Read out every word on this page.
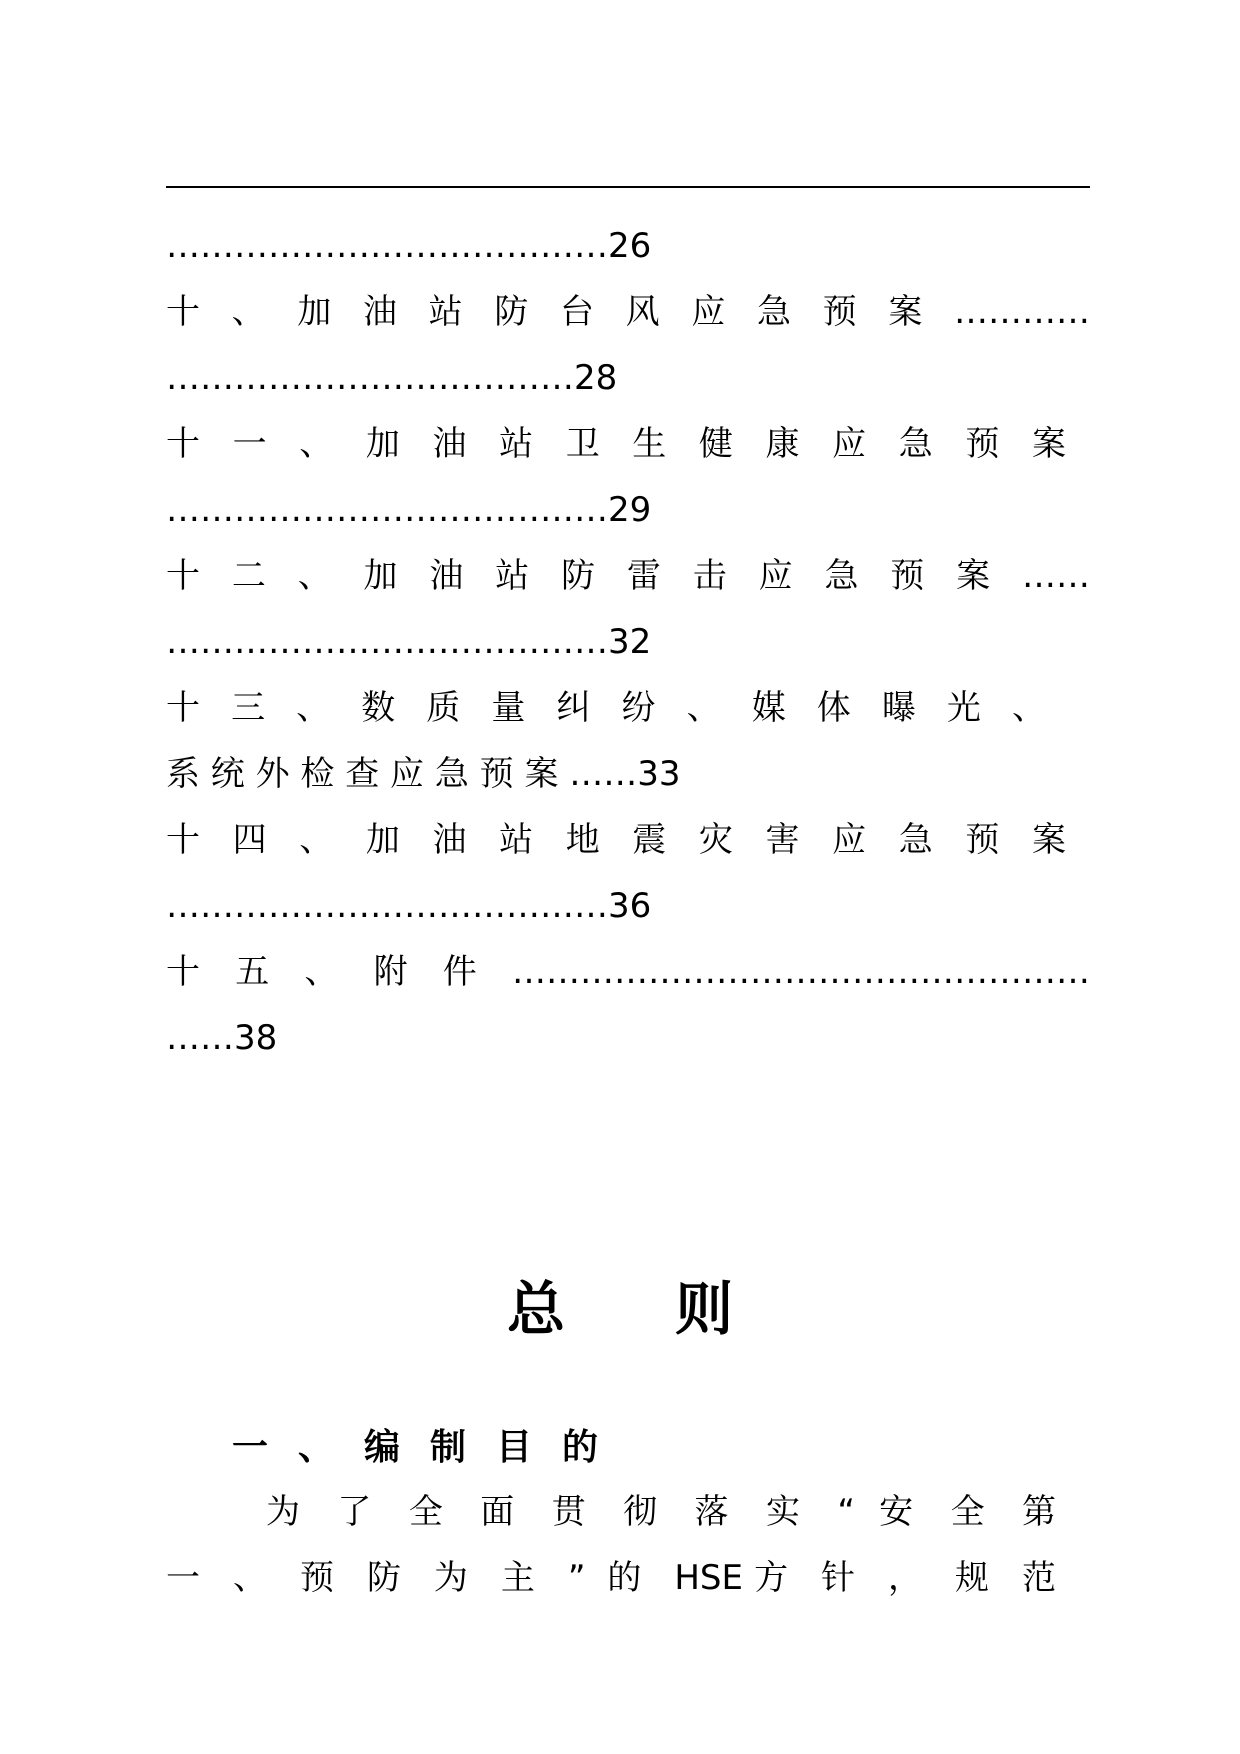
…………………………………26
十 、 加 油 站 防 台 风 应 急 预 案 …………
………………………………28
十 一 、 加 油 站 卫 生 健 康 应 急 预 案
…………………………………29
十 二 、 加 油 站 防 雷 击 应 急 预 案 ……
…………………………………32
十 三 、 数 质 量 纠 纷 、 媒 体 曝 光 、
系 统 外 检 查 应 急 预 案 ……33
十 四 、 加 油 站 地 震 灾 害 应 急 预 案
…………………………………36
十 五 、 附 件 ……………………………………………
……38
总则
一、编制目的
为 了 全 面 贯 彻 落 实 “ 安 全 第
一 、 预 防 为 主 ” 的 HSE方 针 ， 规 范
